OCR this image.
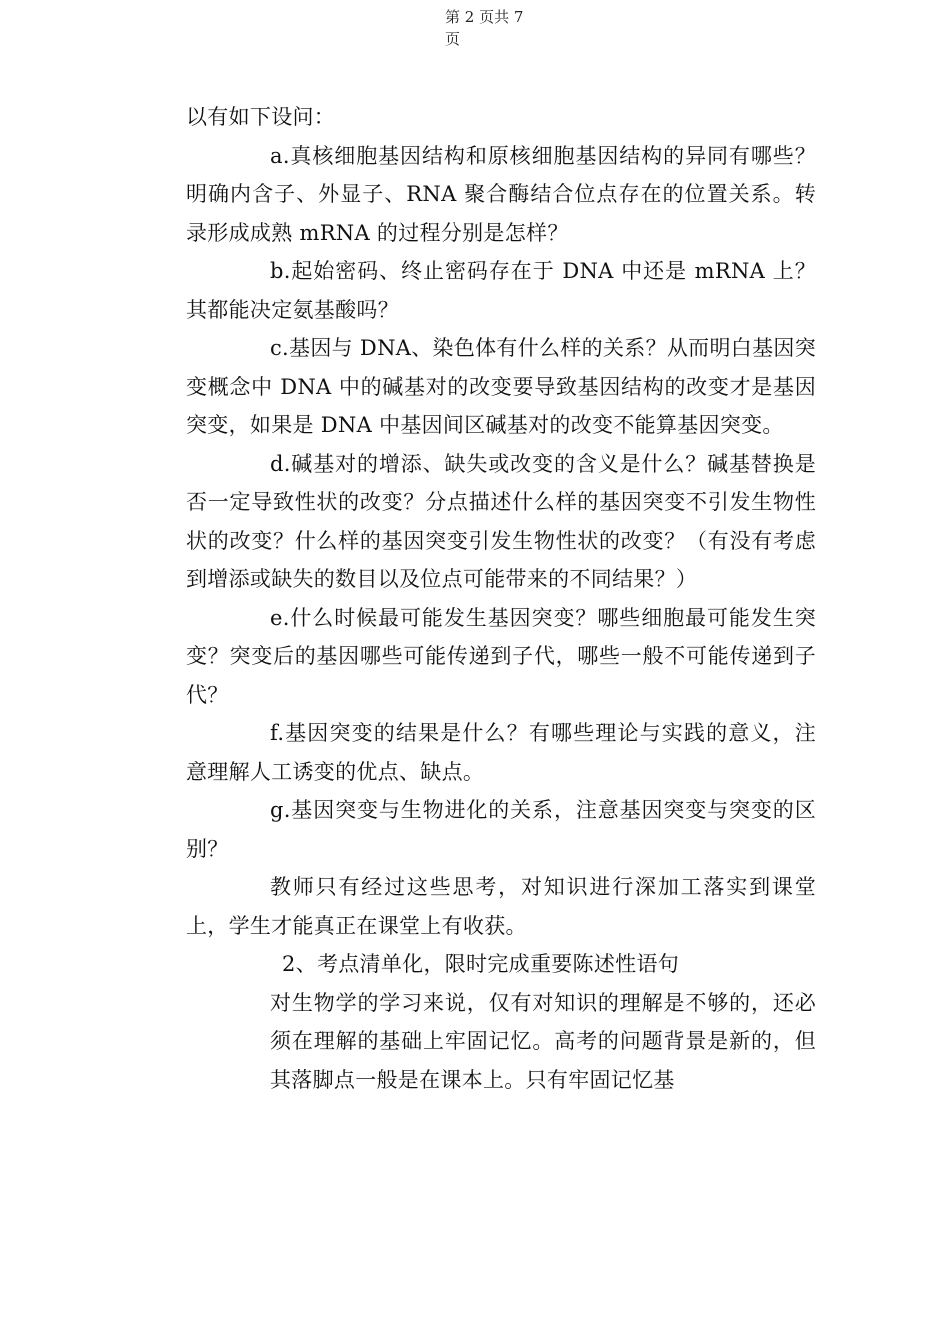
第 2 页共 7
页

以有如下设问：

a.真核细胞基因结构和原核细胞基因结构的异同有哪些？明确内含子、外显子、RNA 聚合酶结合位点存在的位置关系。转录形成成熟 mRNA 的过程分别是怎样？

b.起始密码、终止密码存在于 DNA 中还是 mRNA 上？其都能决定氨基酸吗？

c.基因与 DNA、染色体有什么样的关系？从而明白基因突变概念中 DNA 中的碱基对的改变要导致基因结构的改变才是基因突变，如果是 DNA 中基因间区碱基对的改变不能算基因突变。

d.碱基对的增添、缺失或改变的含义是什么？碱基替换是否一定导致性状的改变？分点描述什么样的基因突变不引发生物性状的改变？什么样的基因突变引发生物性状的改变？（有没有考虑到增添或缺失的数目以及位点可能带来的不同结果？）

e.什么时候最可能发生基因突变？哪些细胞最可能发生突变？突变后的基因哪些可能传递到子代，哪些一般不可能传递到子代？

f.基因突变的结果是什么？有哪些理论与实践的意义，注意理解人工诱变的优点、缺点。

g.基因突变与生物进化的关系，注意基因突变与突变的区别？

教师只有经过这些思考，对知识进行深加工落实到课堂上，学生才能真正在课堂上有收获。

2、考点清单化，限时完成重要陈述性语句

对生物学的学习来说，仅有对知识的理解是不够的，还必须在理解的基础上牢固记忆。高考的问题背景是新的，但其落脚点一般是在课本上。只有牢固记忆基
